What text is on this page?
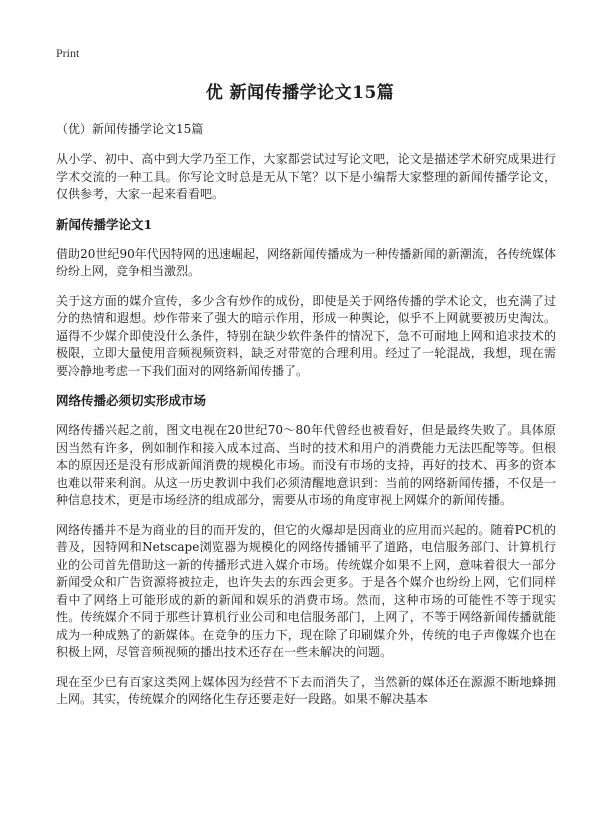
Print
优 新闻传播学论文15篇
（优）新闻传播学论文15篇

从小学、初中、高中到大学乃至工作，大家都尝试过写论文吧，论文是描述学术研究成果进行学术交流的一种工具。你写论文时总是无从下笔？以下是小编帮大家整理的新闻传播学论文，仅供参考，大家一起来看看吧。

新闻传播学论文1

借助20世纪90年代因特网的迅速崛起，网络新闻传播成为一种传播新闻的新潮流，各传统媒体纷纷上网，竞争相当激烈。

关于这方面的媒介宣传，多少含有炒作的成份，即使是关于网络传播的学术论文，也充满了过分的热情和遐想。炒作带来了强大的暗示作用，形成一种舆论，似乎不上网就要被历史淘汰。逼得不少媒介即使没什么条件，特别在缺少软件条件的情况下，急不可耐地上网和追求技术的极限，立即大量使用音频视频资料，缺乏对带宽的合理利用。经过了一轮混战，我想，现在需要冷静地考虑一下我们面对的网络新闻传播了。

网络传播必须切实形成市场

网络传播兴起之前，图文电视在20世纪70～80年代曾经也被看好，但是最终失败了。具体原因当然有许多，例如制作和接入成本过高、当时的技术和用户的消费能力无法匹配等等。但根本的原因还是没有形成新闻消费的规模化市场。而没有市场的支持，再好的技术、再多的资本也难以带来利润。从这一历史教训中我们必须清醒地意识到：当前的网络新闻传播，不仅是一种信息技术，更是市场经济的组成部分，需要从市场的角度审视上网媒介的新闻传播。

网络传播并不是为商业的目的而开发的，但它的火爆却是因商业的应用而兴起的。随着PC机的普及，因特网和Netscape浏览器为规模化的网络传播铺平了道路，电信服务部门、计算机行业的公司首先借助这一新的传播形式进入媒介市场。传统媒介如果不上网，意味着很大一部分新闻受众和广告资源将被拉走，也许失去的东西会更多。于是各个媒介也纷纷上网，它们同样看中了网络上可能形成的新的新闻和娱乐的消费市场。然而，这种市场的可能性不等于现实性。传统媒介不同于那些计算机行业公司和电信服务部门，上网了，不等于网络新闻传播就能成为一种成熟了的新媒体。在竞争的压力下，现在除了印刷媒介外，传统的电子声像媒介也在积极上网，尽管音频视频的播出技术还存在一些未解决的问题。

现在至少已有百家这类网上媒体因为经营不下去而消失了，当然新的媒体还在源源不断地蜂拥上网。其实，传统媒介的网络化生存还要走好一段路。如果不解决基本
